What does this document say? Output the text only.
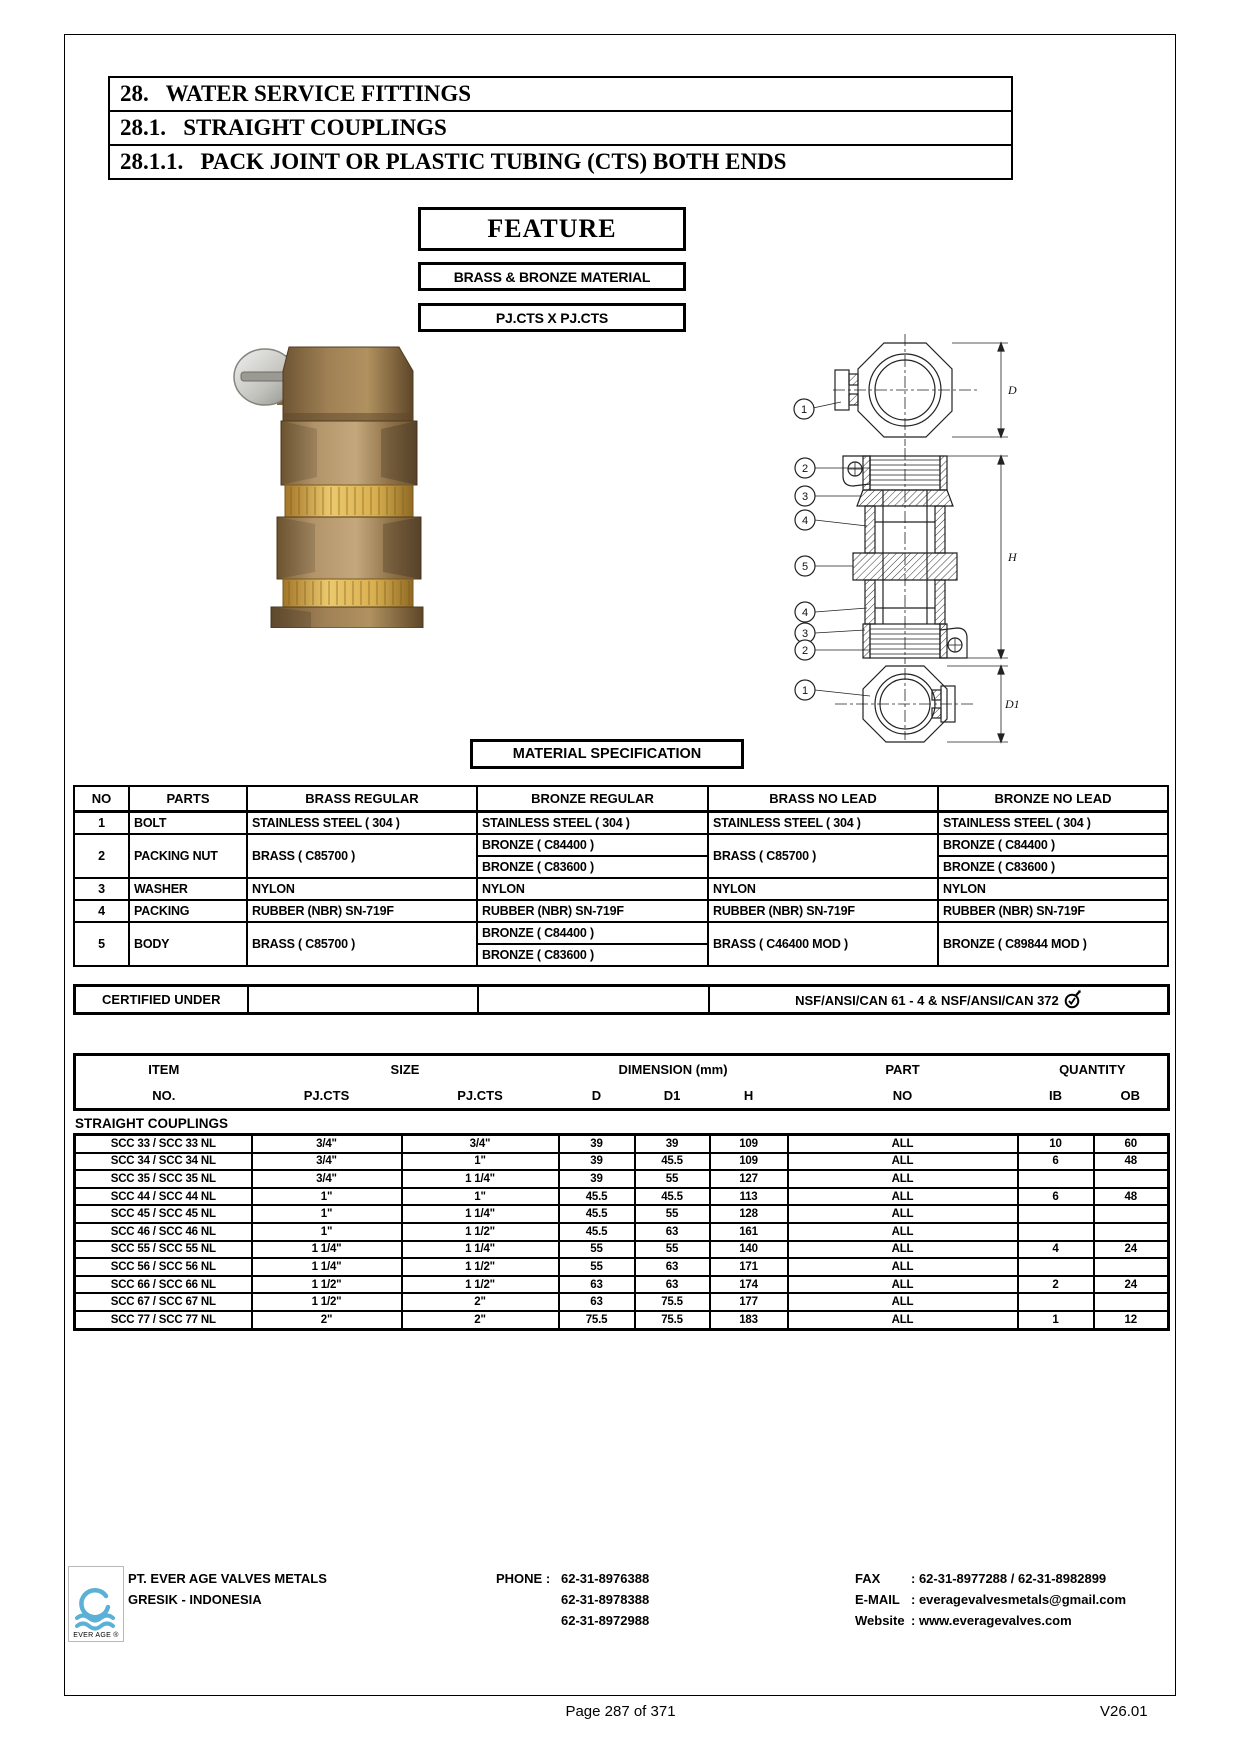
28.   WATER SERVICE FITTINGS
28.1.   STRAIGHT COUPLINGS
28.1.1.   PACK JOINT OR PLASTIC TUBING (CTS) BOTH ENDS
FEATURE
BRASS & BRONZE MATERIAL
PJ.CTS X PJ.CTS
1
2
3
4
5
4
3
2
1
D
H
D1
MATERIAL SPECIFICATION
NO	PARTS	BRASS REGULAR	BRONZE REGULAR	BRASS NO LEAD	BRONZE NO LEAD
1	BOLT	STAINLESS STEEL ( 304 )	STAINLESS STEEL ( 304 )	STAINLESS STEEL ( 304 )	STAINLESS STEEL ( 304 )
2	PACKING NUT	BRASS ( C85700 )	BRONZE ( C84400 )	BRASS ( C85700 )	BRONZE ( C84400 )
			BRONZE ( C83600 )		BRONZE ( C83600 )
3	WASHER	NYLON	NYLON	NYLON	NYLON
4	PACKING	RUBBER (NBR) SN-719F	RUBBER (NBR) SN-719F	RUBBER (NBR) SN-719F	RUBBER (NBR) SN-719F
5	BODY	BRASS ( C85700 )	BRONZE ( C84400 )	BRASS ( C46400 MOD )	BRONZE ( C89844 MOD )
			BRONZE ( C83600 )		
CERTIFIED UNDER			NSF/ANSI/CAN 61 - 4 & NSF/ANSI/CAN 372
ITEM	SIZE		DIMENSION (mm)			PART	QUANTITY	
NO.	PJ.CTS	PJ.CTS	D	D1	H	NO	IB	OB
STRAIGHT COUPLINGS
SCC 33 / SCC 33 NL	3/4"	3/4"	39	39	109	ALL	10	60
SCC 34 / SCC 34 NL	3/4"	1"	39	45.5	109	ALL	6	48
SCC 35 / SCC 35 NL	3/4"	1 1/4"	39	55	127	ALL		
SCC 44 / SCC 44 NL	1"	1"	45.5	45.5	113	ALL	6	48
SCC 45 / SCC 45 NL	1"	1 1/4"	45.5	55	128	ALL		
SCC 46 / SCC 46 NL	1"	1 1/2"	45.5	63	161	ALL		
SCC 55 / SCC 55 NL	1 1/4"	1 1/4"	55	55	140	ALL	4	24
SCC 56 / SCC 56 NL	1 1/4"	1 1/2"	55	63	171	ALL		
SCC 66 / SCC 66 NL	1 1/2"	1 1/2"	63	63	174	ALL	2	24
SCC 67 / SCC 67 NL	1 1/2"	2"	63	75.5	177	ALL		
SCC 77 / SCC 77 NL	2"	2"	75.5	75.5	183	ALL	1	12
EVER AGE ®
PT. EVER AGE VALVES METALS
GRESIK - INDONESIA
PHONE : 62-31-8976388
62-31-8978388
62-31-8972988
FAX : 62-31-8977288 / 62-31-8982899
E-MAIL : everagevalvesmetals@gmail.com
Website : www.everagevalves.com
Page 287 of 371	V26.01
